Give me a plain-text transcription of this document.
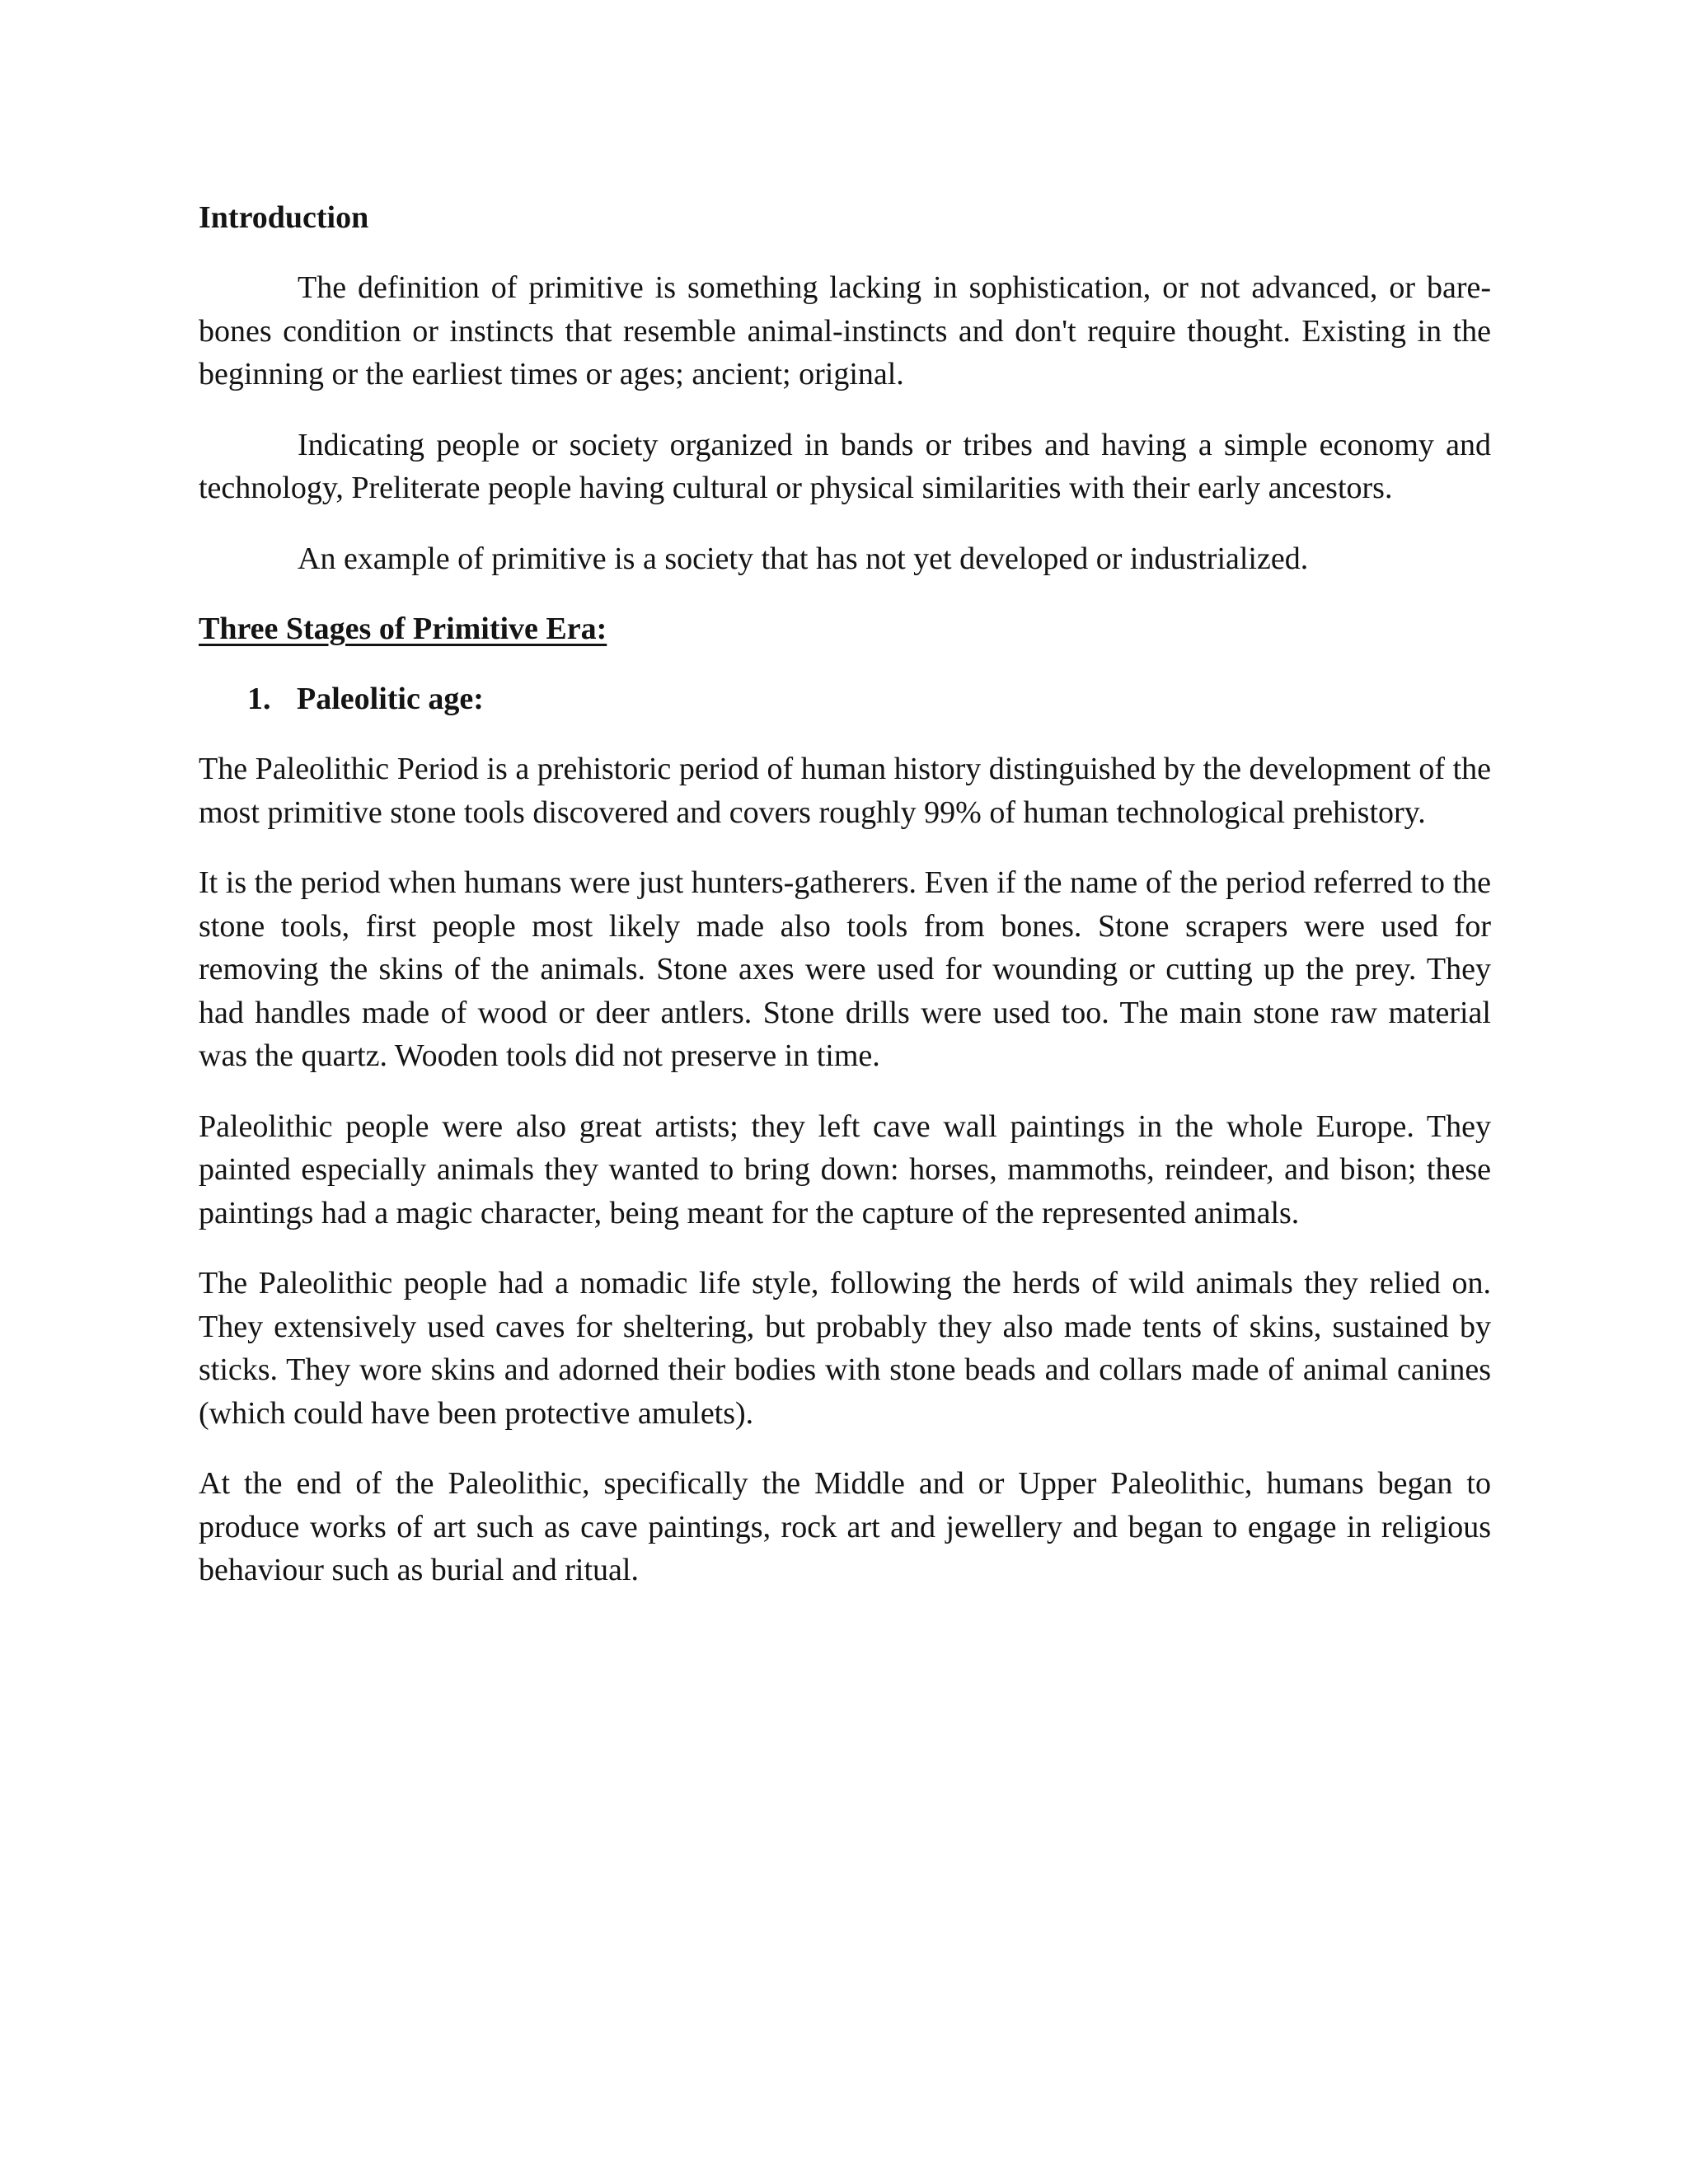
Introduction

The definition of primitive is something lacking in sophistication, or not advanced, or bare-bones condition or instincts that resemble animal-instincts and don't require thought. Existing in the beginning or the earliest times or ages; ancient; original.

Indicating people or society organized in bands or tribes and having a simple economy and technology, Preliterate people having cultural or physical similarities with their early ancestors.

An example of primitive is a society that has not yet developed or industrialized.

Three Stages of Primitive Era:
1. Paleolitic age:

The Paleolithic Period is a prehistoric period of human history distinguished by the development of the most primitive stone tools discovered and covers roughly 99% of human technological prehistory.

It is the period when humans were just hunters-gatherers. Even if the name of the period referred to the stone tools, first people most likely made also tools from bones. Stone scrapers were used for removing the skins of the animals. Stone axes were used for wounding or cutting up the prey. They had handles made of wood or deer antlers. Stone drills were used too. The main stone raw material was the quartz. Wooden tools did not preserve in time.

Paleolithic people were also great artists; they left cave wall paintings in the whole Europe. They painted especially animals they wanted to bring down: horses, mammoths, reindeer, and bison; these paintings had a magic character, being meant for the capture of the represented animals.

The Paleolithic people had a nomadic life style, following the herds of wild animals they relied on. They extensively used caves for sheltering, but probably they also made tents of skins, sustained by sticks. They wore skins and adorned their bodies with stone beads and collars made of animal canines (which could have been protective amulets).

At the end of the Paleolithic, specifically the Middle and or Upper Paleolithic, humans began to produce works of art such as cave paintings, rock art and jewellery and began to engage in religious behaviour such as burial and ritual.
